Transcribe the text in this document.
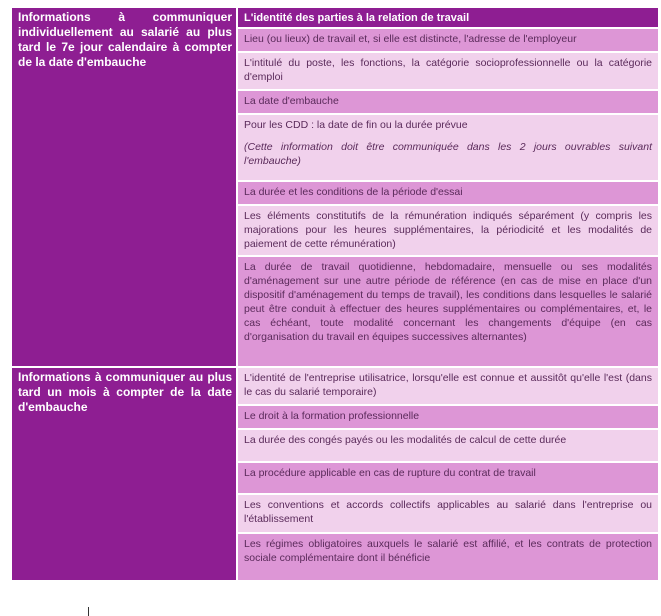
Informations à communiquer individuellement au salarié au plus tard le 7e jour calendaire à compter de la date d'embauche

L'identité des parties à la relation de travail

Lieu (ou lieux) de travail et, si elle est distincte, l'adresse de l'employeur

L'intitulé du poste, les fonctions, la catégorie socioprofessionnelle ou la catégorie d'emploi

La date d'embauche

Pour les CDD : la date de fin ou la durée prévue

(Cette information doit être communiquée dans les 2 jours ouvrables suivant l'embauche)

La durée et les conditions de la période d'essai

Les éléments constitutifs de la rémunération indiqués séparément (y compris les majorations pour les heures supplémentaires, la périodicité et les modalités de paiement de cette rémunération)

La durée de travail quotidienne, hebdomadaire, mensuelle ou ses modalités d'aménagement sur une autre période de référence (en cas de mise en place d'un dispositif d'aménagement du temps de travail), les conditions dans lesquelles le salarié peut être conduit à effectuer des heures supplémentaires ou complémentaires, et, le cas échéant, toute modalité concernant les changements d'équipe (en cas d'organisation du travail en équipes successives alternantes)

Informations à communiquer au plus tard un mois à compter de la date d'embauche

L'identité de l'entreprise utilisatrice, lorsqu'elle est connue et aussitôt qu'elle l'est (dans le cas du salarié temporaire)

Le droit à la formation professionnelle

La durée des congés payés ou les modalités de calcul de cette durée

La procédure applicable en cas de rupture du contrat de travail

Les conventions et accords collectifs applicables au salarié dans l'entreprise ou l'établissement

Les régimes obligatoires auxquels le salarié est affilié, et les contrats de protection sociale complémentaire dont il bénéficie
